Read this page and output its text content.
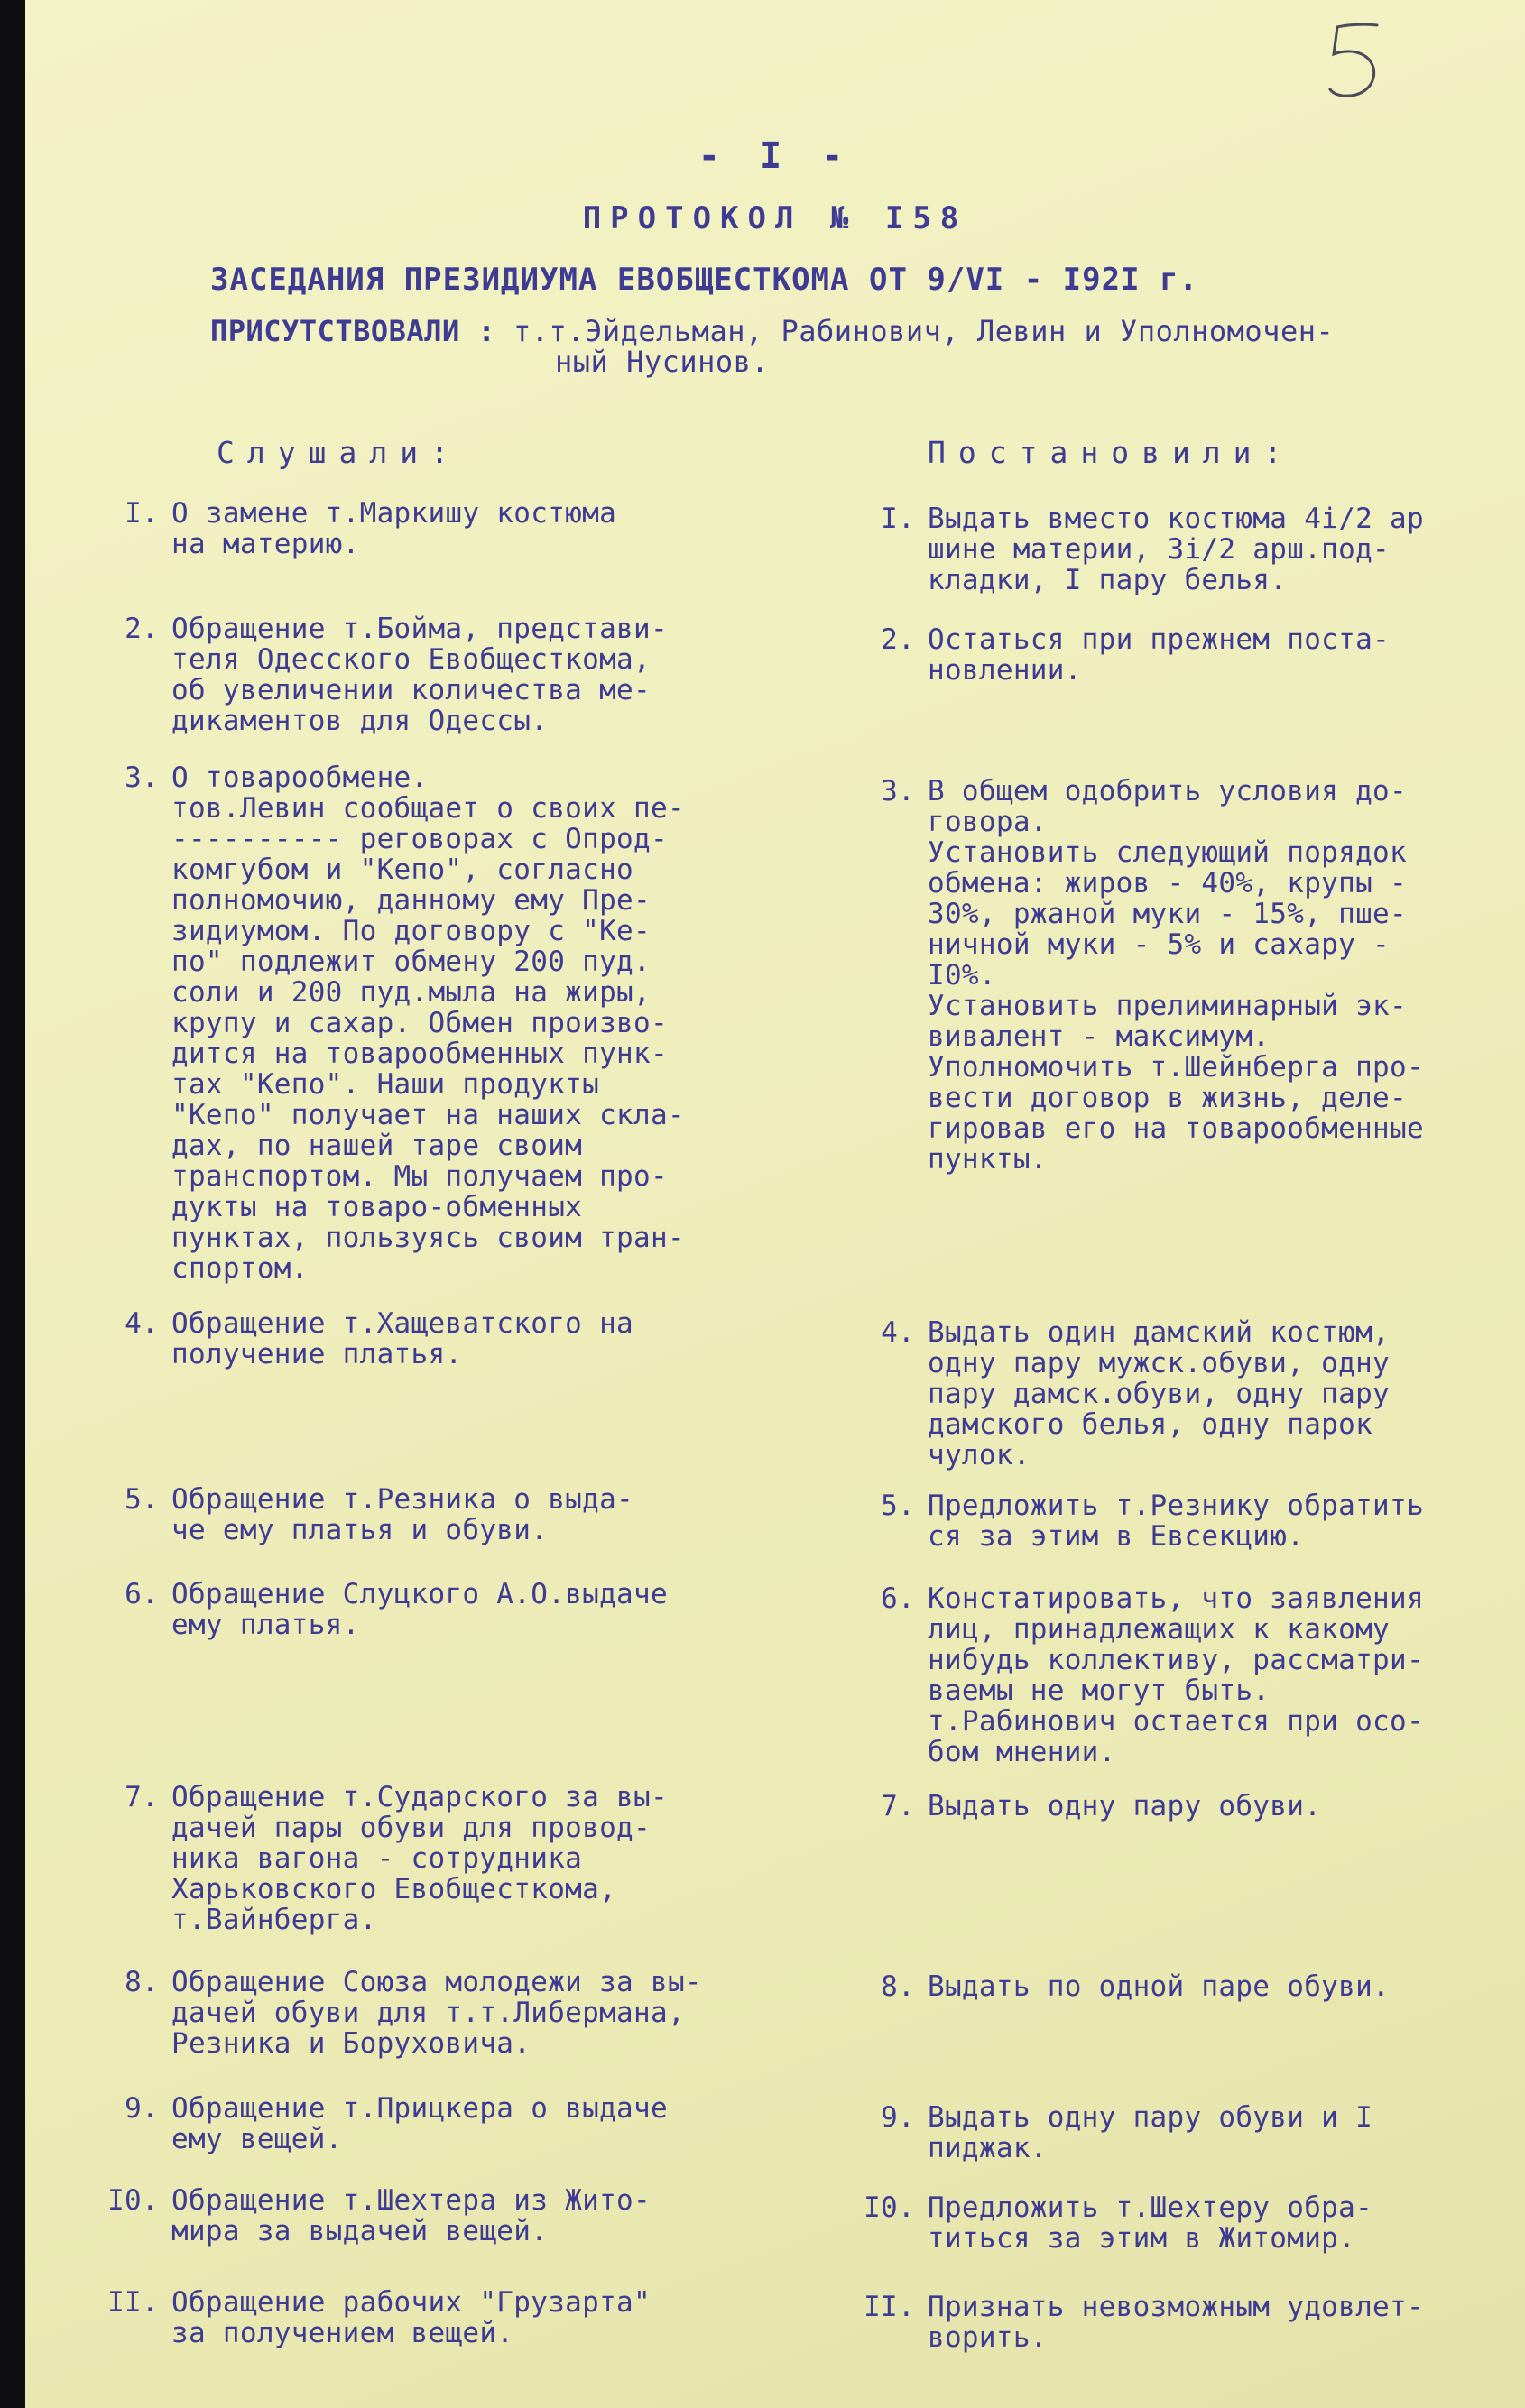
- I -
ПРОТОКОЛ № I58
ЗАСЕДАНИЯ ПРЕЗИДИУМА ЕВОБЩЕСТКОМА ОТ 9/VI - I92I г.
ПРИСУТСТВОВАЛИ : т.т.Эйдельман, Рабинович, Левин и Уполномочен-
ный Нусинов.
Слушали:	Постановили:
I. О замене т.Маркишу костюма
на материю.
I. Выдать вместо костюма 4i/2 ар
шине материи, 3i/2 арш.под-
кладки, I пару белья.
2. Обращение т.Бойма, представи-
теля Одесского Евобщесткома,
об увеличении количества ме-
дикаментов для Одессы.
2. Остаться при прежнем поста-
новлении.
3. О товарообмене.
тов.Левин сообщает о своих пе-
---------- реговорах с Опрод-
комгубом и "Кепо", согласно
полномочию, данному ему Пре-
зидиумом. По договору с "Ке-
по" подлежит обмену 200 пуд.
соли и 200 пуд.мыла на жиры,
крупу и сахар. Обмен произво-
дится на товарообменных пунк-
тах "Кепо". Наши продукты
"Кепо" получает на наших скла-
дах, по нашей таре своим
транспортом. Мы получаем про-
дукты на товаро-обменных
пунктах, пользуясь своим тран-
спортом.
3. В общем одобрить условия до-
говора.
Установить следующий порядок
обмена: жиров - 40%, крупы -
30%, ржаной муки - 15%, пше-
ничной муки - 5% и сахару -
I0%.
Установить прелиминарный эк-
вивалент - максимум.
Уполномочить т.Шейнберга про-
вести договор в жизнь, деле-
гировав его на товарообменные
пункты.
4. Обращение т.Хащеватского на
получение платья.
4. Выдать один дамский костюм,
одну пару мужск.обуви, одну
пару дамск.обуви, одну пару
дамского белья, одну парок
чулок.
5. Обращение т.Резника о выда-
че ему платья и обуви.
5. Предложить т.Резнику обратить
ся за этим в Евсекцию.
6. Обращение Слуцкого А.О.выдаче
ему платья.
6. Констатировать, что заявления
лиц, принадлежащих к какому
нибудь коллективу, рассматри-
ваемы не могут быть.
т.Рабинович остается при осо-
бом мнении.
7. Обращение т.Сударского за вы-
дачей пары обуви для провод-
ника вагона - сотрудника
Харьковского Евобщесткома,
т.Вайнберга.
7. Выдать одну пару обуви.
8. Обращение Союза молодежи за вы-
дачей обуви для т.т.Либермана,
Резника и Боруховича.
8. Выдать по одной паре обуви.
9. Обращение т.Прицкера о выдаче
ему вещей.
9. Выдать одну пару обуви и I
пиджак.
I0. Обращение т.Шехтера из Жито-
мира за выдачей вещей.
I0. Предложить т.Шехтеру обра-
титься за этим в Житомир.
II. Обращение рабочих "Грузарта"
за получением вещей.
II. Признать невозможным удовлет-
ворить.
